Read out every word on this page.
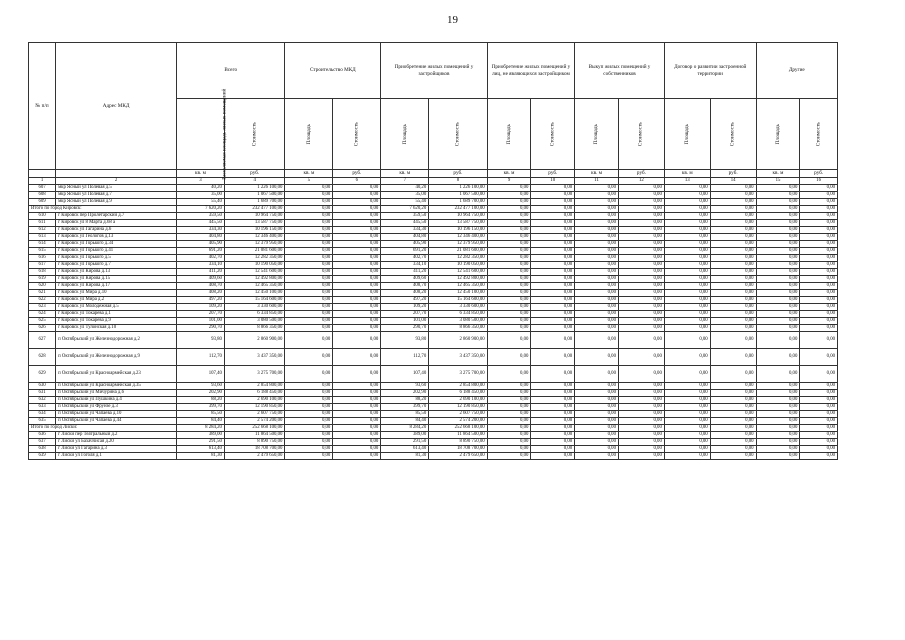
19
№ п/п	Адрес МКД	Всего		Строительство МКД		Приобретение жилых помещений у застройщиков		Приобретение жилых помещений у лиц, не являющихся застройщиком		Выкуп жилых помещений у собственников		Договор о развитии застроенной территории		Другие	
		Расселяемая площадь жилых помещений	Стоимость	Площадь	Стоимость	Площадь	Стоимость	Площадь	Стоимость	Площадь	Стоимость	Площадь	Стоимость	Площадь	Стоимость
		кв. м	руб.	кв. м	руб.	кв. м	руб.	кв. м	руб.	кв. м	руб.	кв. м	руб.	кв. м	руб.
1	2	3	4	5	6	7	8	9	10	11	12	13	14	15	16
607	мкр Ясный ул Полевая д.5	40,20	1 226 100,00	0,00	0,00	40,20	1 226 100,00	0,00	0,00	0,00	0,00	0,00	0,00	0,00	0,00
608	мкр Ясный ул Полевая д.7	35,00	1 067 500,00	0,00	0,00	35,00	1 067 500,00	0,00	0,00	0,00	0,00	0,00	0,00	0,00	0,00
609	мкр Ясный ул Полевая д.9	55,40	1 689 700,00	0,00	0,00	55,40	1 689 700,00	0,00	0,00	0,00	0,00	0,00	0,00	0,00	0,00
Итого по город Кировск:		7 620,20	232 477 100,00	0,00	0,00	7 620,20	232 477 100,00	0,00	0,00	0,00	0,00	0,00	0,00	0,00	0,00
610	г Кировск пер Пролетарский д.7	359,50	10 964 750,00	0,00	0,00	359,50	10 964 750,00	0,00	0,00	0,00	0,00	0,00	0,00	0,00	0,00
611	г Кировск ул 8 Марта д.68 а	445,50	13 587 750,00	0,00	0,00	445,50	13 587 750,00	0,00	0,00	0,00	0,00	0,00	0,00	0,00	0,00
612	г Кировск ул Гагарина д.6	334,30	10 196 150,00	0,00	0,00	334,30	10 196 150,00	0,00	0,00	0,00	0,00	0,00	0,00	0,00	0,00
613	г Кировск ул Геологов д.13	404,80	12 346 400,00	0,00	0,00	404,80	12 346 400,00	0,00	0,00	0,00	0,00	0,00	0,00	0,00	0,00
614	г Кировск ул Горького д.34	405,90	12 379 950,00	0,00	0,00	405,90	12 379 950,00	0,00	0,00	0,00	0,00	0,00	0,00	0,00	0,00
615	г Кировск ул Горького д.41	691,20	21 081 600,00	0,00	0,00	691,20	21 081 600,00	0,00	0,00	0,00	0,00	0,00	0,00	0,00	0,00
616	г Кировск ул Горького д.5	402,70	12 282 350,00	0,00	0,00	402,70	12 282 350,00	0,00	0,00	0,00	0,00	0,00	0,00	0,00	0,00
617	г Кировск ул Горького д.7	334,10	10 190 050,00	0,00	0,00	334,10	10 190 050,00	0,00	0,00	0,00	0,00	0,00	0,00	0,00	0,00
618	г Кировск ул Кирова д.13	411,20	12 541 600,00	0,00	0,00	411,20	12 541 600,00	0,00	0,00	0,00	0,00	0,00	0,00	0,00	0,00
619	г Кировск ул Кирова д.15	409,60	12 492 800,00	0,00	0,00	409,60	12 492 800,00	0,00	0,00	0,00	0,00	0,00	0,00	0,00	0,00
620	г Кировск ул Кирова д.17	408,70	12 465 350,00	0,00	0,00	408,70	12 465 350,00	0,00	0,00	0,00	0,00	0,00	0,00	0,00	0,00
621	г Кировск ул Мира д.10	408,20	12 450 100,00	0,00	0,00	408,20	12 450 100,00	0,00	0,00	0,00	0,00	0,00	0,00	0,00	0,00
622	г Кировск ул Мира д.2	497,20	15 164 600,00	0,00	0,00	497,20	15 164 600,00	0,00	0,00	0,00	0,00	0,00	0,00	0,00	0,00
623	г Кировск ул Молодежная д.5	109,20	3 330 600,00	0,00	0,00	109,20	3 330 600,00	0,00	0,00	0,00	0,00	0,00	0,00	0,00	0,00
624	г Кировск ул Токарева д.1	207,70	6 334 850,00	0,00	0,00	207,70	6 334 850,00	0,00	0,00	0,00	0,00	0,00	0,00	0,00	0,00
625	г Кировск ул Токарева д.9	101,00	3 080 500,00	0,00	0,00	101,00	3 080 500,00	0,00	0,00	0,00	0,00	0,00	0,00	0,00	0,00
626	г Кировск ул Тулонская д.10	290,70	8 866 350,00	0,00	0,00	290,70	8 866 350,00	0,00	0,00	0,00	0,00	0,00	0,00	0,00	0,00
627	п Октябрьский ул Железнодорожная д.2	93,80	2 860 900,00	0,00	0,00	93,80	2 860 900,00	0,00	0,00	0,00	0,00	0,00	0,00	0,00	0,00
628	п Октябрьский ул Железнодорожная д.9	112,70	3 437 350,00	0,00	0,00	112,70	3 437 350,00	0,00	0,00	0,00	0,00	0,00	0,00	0,00	0,00
629	п Октябрьский ул Красноармейская д.23	107,40	3 275 700,00	0,00	0,00	107,40	3 275 700,00	0,00	0,00	0,00	0,00	0,00	0,00	0,00	0,00
630	п Октябрьский ул Красноармейская д.35	93,60	2 854 800,00	0,00	0,00	93,60	2 854 800,00	0,00	0,00	0,00	0,00	0,00	0,00	0,00	0,00
631	п Октябрьский ул Мичурина д.6	202,90	6 188 450,00	0,00	0,00	202,90	6 188 450,00	0,00	0,00	0,00	0,00	0,00	0,00	0,00	0,00
632	п Октябрьский ул Пушкина д.4	88,20	2 690 100,00	0,00	0,00	88,20	2 690 100,00	0,00	0,00	0,00	0,00	0,00	0,00	0,00	0,00
633	п Октябрьский ул Фрунзе д.3	399,70	12 190 850,00	0,00	0,00	399,70	12 190 850,00	0,00	0,00	0,00	0,00	0,00	0,00	0,00	0,00
634	п Октябрьский ул Чапаева д.10	85,50	2 607 750,00	0,00	0,00	85,50	2 607 750,00	0,00	0,00	0,00	0,00	0,00	0,00	0,00	0,00
635	п Октябрьский ул Чапаева д.44	84,40	2 574 200,00	0,00	0,00	84,40	2 574 200,00	0,00	0,00	0,00	0,00	0,00	0,00	0,00	0,00
Итого по город Лиски:		8 284,20	252 668 100,00	0,00	0,00	8 284,20	252 668 100,00	0,00	0,00	0,00	0,00	0,00	0,00	0,00	0,00
636	г Лиски пер Театральный д.2	389,00	11 864 500,00	0,00	0,00	389,00	11 864 500,00	0,00	0,00	0,00	0,00	0,00	0,00	0,00	0,00
637	г Лиски ул Бахаччисая д.20	291,50	8 890 750,00	0,00	0,00	291,50	8 890 750,00	0,00	0,00	0,00	0,00	0,00	0,00	0,00	0,00
638	г Лиски ул Гагарина д.3	613,40	18 708 700,00	0,00	0,00	613,40	18 708 700,00	0,00	0,00	0,00	0,00	0,00	0,00	0,00	0,00
639	г Лиски ул Гоголя д.1	81,30	2 479 650,00	0,00	0,00	81,30	2 479 650,00	0,00	0,00	0,00	0,00	0,00	0,00	0,00	0,00
